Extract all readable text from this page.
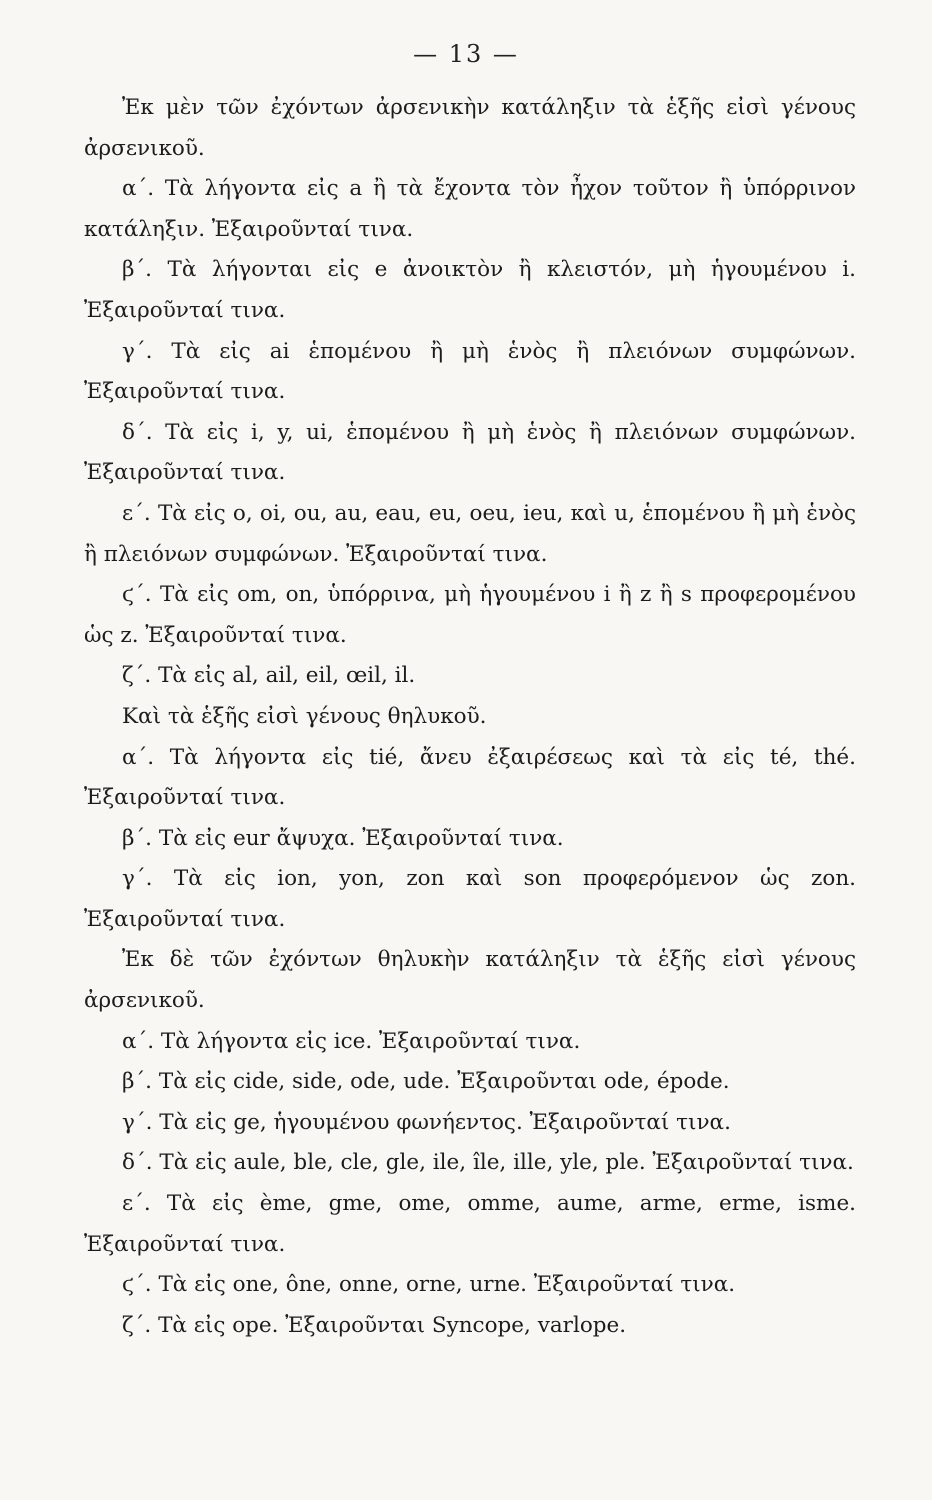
— 13 —

Ἐκ μὲν τῶν ἐχόντων ἀρσενικὴν κατάληξιν τὰ ἑξῆς εἰσὶ γένους ἀρσενικοῦ.

α΄. Τὰ λήγοντα εἰς a ἢ τὰ ἔχοντα τὸν ἦχον τοῦτον ἢ ὑπόρρινον κατάληξιν. Ἐξαιροῦνταί τινα.

β΄. Τὰ λήγονται εἰς e ἀνοικτὸν ἢ κλειστόν, μὴ ἡγουμένου i. Ἐξαιροῦνταί τινα.

γ΄. Τὰ εἰς ai ἑπομένου ἢ μὴ ἑνὸς ἢ πλειόνων συμφώνων. Ἐξαιροῦνταί τινα.

δ΄. Τὰ εἰς i, y, ui, ἑπομένου ἢ μὴ ἑνὸς ἢ πλειόνων συμφώνων. Ἐξαιροῦνταί τινα.

ε΄. Τὰ εἰς o, oi, ou, au, eau, eu, oeu, ieu, καὶ u, ἑπομένου ἢ μὴ ἑνὸς ἢ πλειόνων συμφώνων. Ἐξαιροῦνταί τινα.

ϛ΄. Τὰ εἰς om, on, ὑπόρρινα, μὴ ἡγουμένου i ἢ z ἢ s προφερομένου ὡς z. Ἐξαιροῦνταί τινα.

ζ΄. Τὰ εἰς al, ail, eil, œil, il.

Καὶ τὰ ἑξῆς εἰσὶ γένους θηλυκοῦ.

α΄. Τὰ λήγοντα εἰς tié, ἄνευ ἐξαιρέσεως καὶ τὰ εἰς té, thé. Ἐξαιροῦνταί τινα.

β΄. Τὰ εἰς eur ἄψυχα. Ἐξαιροῦνταί τινα.

γ΄. Τὰ εἰς ion, yon, zon καὶ son προφερόμενον ὡς zon. Ἐξαιροῦνταί τινα.

Ἐκ δὲ τῶν ἐχόντων θηλυκὴν κατάληξιν τὰ ἑξῆς εἰσὶ γένους ἀρσενικοῦ.

α΄. Τὰ λήγοντα εἰς ice. Ἐξαιροῦνταί τινα.

β΄. Τὰ εἰς cide, side, ode, ude. Ἐξαιροῦνται ode, épode.

γ΄. Τὰ εἰς ge, ἡγουμένου φωνήεντος. Ἐξαιροῦνταί τινα.

δ΄. Τὰ εἰς aule, ble, cle, gle, ile, île, ille, yle, ple. Ἐξαιροῦνταί τινα.

ε΄. Τὰ εἰς ème, gme, ome, omme, aume, arme, erme, isme. Ἐξαιροῦνταί τινα.

ϛ΄. Τὰ εἰς one, ône, onne, orne, urne. Ἐξαιροῦνταί τινα.

ζ΄. Τὰ εἰς ope. Ἐξαιροῦνται Syncope, varlope.
